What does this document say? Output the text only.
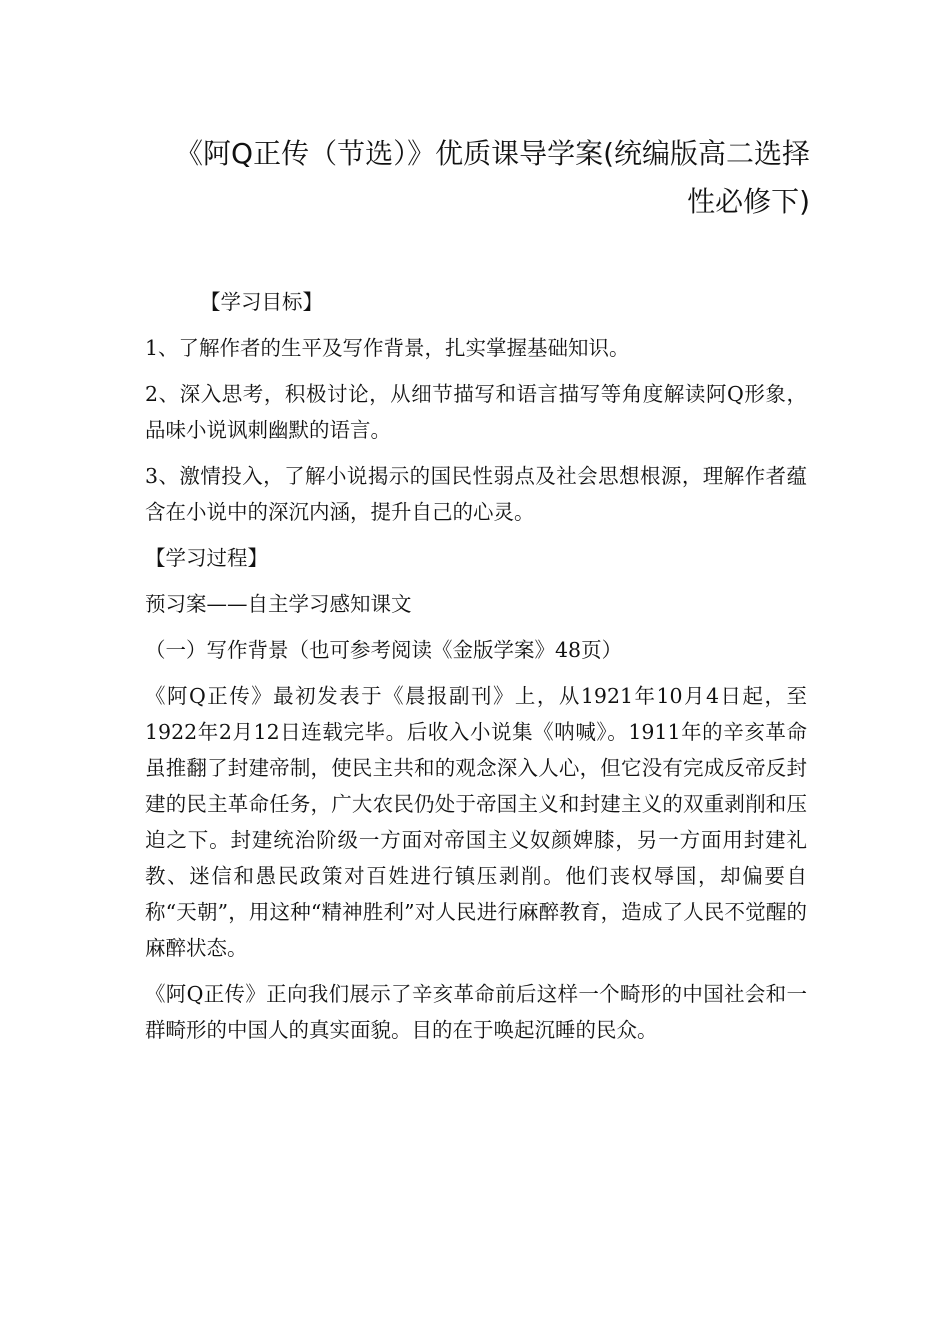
《阿Q正传（节选）》优质课导学案(统编版高二选择
性必修下)

【学习目标】

1、了解作者的生平及写作背景，扎实掌握基础知识。

2、深入思考，积极讨论，从细节描写和语言描写等角度解读阿Q形象，品味小说讽刺幽默的语言。

3、激情投入，了解小说揭示的国民性弱点及社会思想根源，理解作者蕴含在小说中的深沉内涵，提升自己的心灵。

【学习过程】

预习案——自主学习感知课文

（一）写作背景（也可参考阅读《金版学案》48页）

《阿Q正传》最初发表于《晨报副刊》上，从1921年10月4日起，至1922年2月12日连载完毕。后收入小说集《呐喊》。1911年的辛亥革命虽推翻了封建帝制，使民主共和的观念深入人心，但它没有完成反帝反封建的民主革命任务，广大农民仍处于帝国主义和封建主义的双重剥削和压迫之下。封建统治阶级一方面对帝国主义奴颜婢膝，另一方面用封建礼教、迷信和愚民政策对百姓进行镇压剥削。他们丧权辱国，却偏要自称“天朝”，用这种“精神胜利”对人民进行麻醉教育，造成了人民不觉醒的麻醉状态。

《阿Q正传》正向我们展示了辛亥革命前后这样一个畸形的中国社会和一群畸形的中国人的真实面貌。目的在于唤起沉睡的民众。
